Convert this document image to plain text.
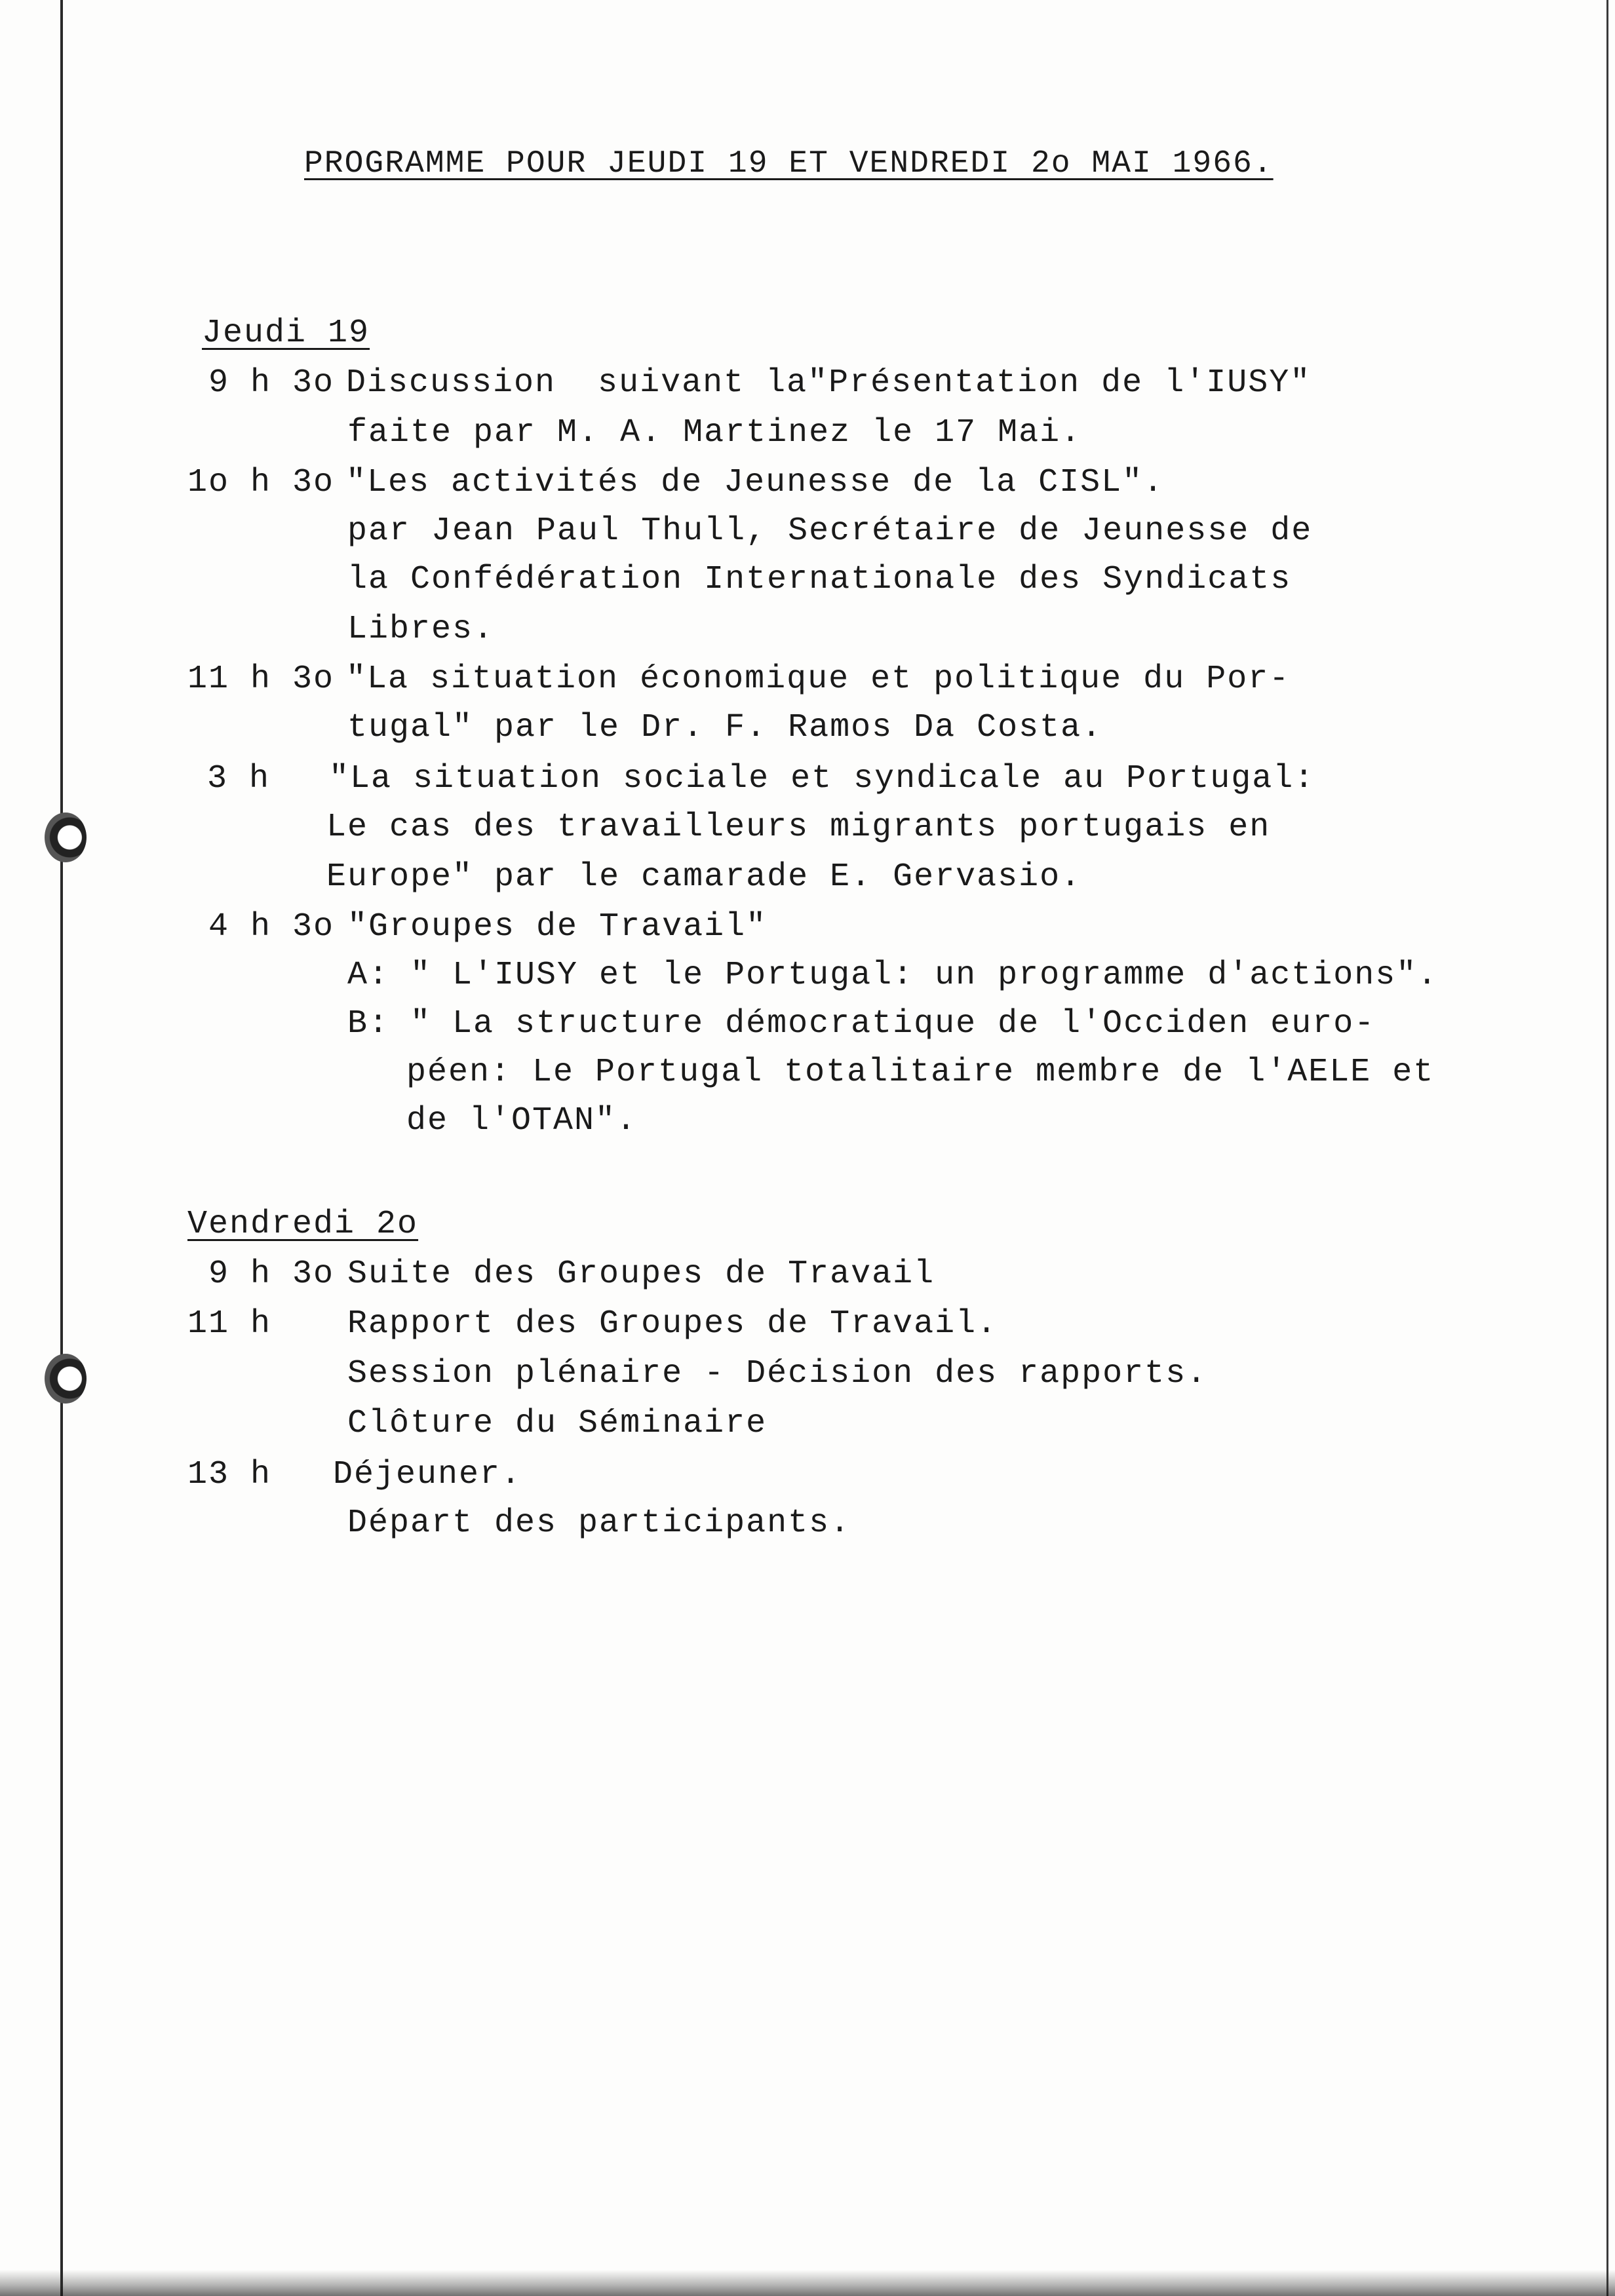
PROGRAMME POUR JEUDI 19 ET VENDREDI 2o MAI 1966.
Jeudi 19
9 h 3o Discussion  suivant la"Présentation de l'IUSY"
faite par M. A. Martinez le 17 Mai.
1o h 3o "Les activités de Jeunesse de la CISL".
par Jean Paul Thull, Secrétaire de Jeunesse de
la Confédération Internationale des Syndicats
Libres.
11 h 3o "La situation économique et politique du Por-
tugal" par le Dr. F. Ramos Da Costa.
3 h "La situation sociale et syndicale au Portugal:
Le cas des travailleurs migrants portugais en
Europe" par le camarade E. Gervasio.
4 h 3o "Groupes de Travail"
A: " L'IUSY et le Portugal: un programme d'actions".
B: " La structure démocratique de l'Occiden euro-
péen: Le Portugal totalitaire membre de l'AELE et
de l'OTAN".
Vendredi 2o
9 h 3o Suite des Groupes de Travail
11 h Rapport des Groupes de Travail.
Session plénaire - Décision des rapports.
Clôture du Séminaire
13 h Déjeuner.
Départ des participants.
